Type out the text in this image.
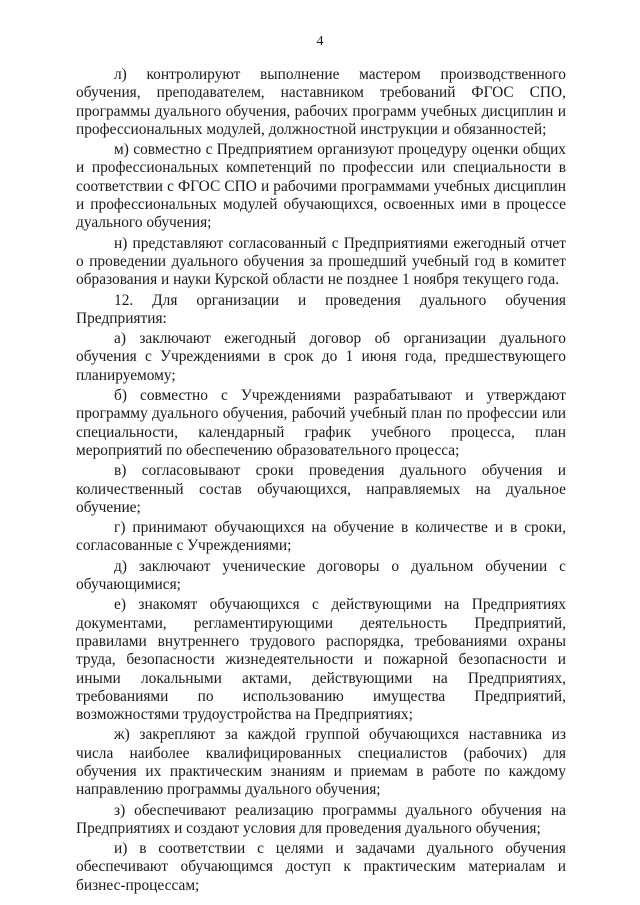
4

л) контролируют выполнение мастером производственного обучения, преподавателем, наставником требований ФГОС СПО, программы дуального обучения, рабочих программ учебных дисциплин и профессиональных модулей, должностной инструкции и обязанностей;

м) совместно с Предприятием организуют процедуру оценки общих и профессиональных компетенций по профессии или специальности в соответствии с ФГОС СПО и рабочими программами учебных дисциплин и профессиональных модулей обучающихся, освоенных ими в процессе дуального обучения;

н) представляют согласованный с Предприятиями ежегодный отчет о проведении дуального обучения за прошедший учебный год в комитет образования и науки Курской области не позднее 1 ноября текущего года.

12. Для организации и проведения дуального обучения Предприятия:

а) заключают ежегодный договор об организации дуального обучения с Учреждениями в срок до 1 июня года, предшествующего планируемому;

б) совместно с Учреждениями разрабатывают и утверждают программу дуального обучения, рабочий учебный план по профессии или специальности, календарный график учебного процесса, план мероприятий по обеспечению образовательного процесса;

в) согласовывают сроки проведения дуального обучения и количественный состав обучающихся, направляемых на дуальное обучение;

г) принимают обучающихся на обучение в количестве и в сроки, согласованные с Учреждениями;

д) заключают ученические договоры о дуальном обучении с обучающимися;

е) знакомят обучающихся с действующими на Предприятиях документами, регламентирующими деятельность Предприятий, правилами внутреннего трудового распорядка, требованиями охраны труда, безопасности жизнедеятельности и пожарной безопасности и иными локальными актами, действующими на Предприятиях, требованиями по использованию имущества Предприятий, возможностями трудоустройства на Предприятиях;

ж) закрепляют за каждой группой обучающихся наставника из числа наиболее квалифицированных специалистов (рабочих) для обучения их практическим знаниям и приемам в работе по каждому направлению программы дуального обучения;

з) обеспечивают реализацию программы дуального обучения на Предприятиях и создают условия для проведения дуального обучения;

и) в соответствии с целями и задачами дуального обучения обеспечивают обучающимся доступ к практическим материалам и бизнес-процессам;
